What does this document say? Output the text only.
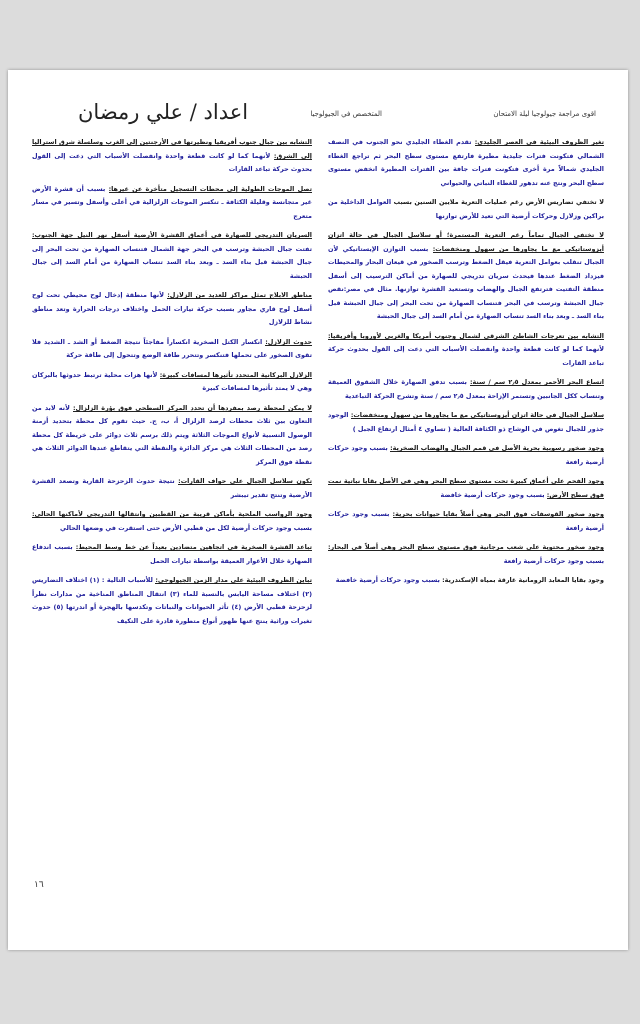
اقوى مراجعة جيولوجيا ليلة الامتحان
المتخصص في الجيولوجيا
اعداد / علي رمضان
تغير الظروف البيئية في العصر الجليدي: تقدم الغطاء الجليدي نحو الجنوب في النصف الشمالي فتكونت فترات جليدية مطيرة فارتفع مستوى سطح البحر ثم تراجع الغطاء الجليدي شمالاً مرة أخرى فتكونت فترات جافة بين الفترات المطيرة انخفض مستوى سطح البحر ونتج عنه تدهور للغطاء النباتي والحيواني
لا تختفي تضاريس الأرض رغم عمليات التعرية ملايين السنين بسبب العوامل الداخلية من براكين وزلازل وحركات أرضية التي تعيد للأرض توازنها
لا تختفي الجبال تماماً رغم التعرية المستمرة؛ أو سلاسل الجبال في حالة اتزان أيزوستاتيكي مع ما يجاورها من سهول ومنخفضات: بسبب التوازن الإيستاتيكي لأن الجبال تنقلب بعوامل التعرية فيقل الضغط وترسب الصخور في قيعان البحار والمحيطات فيزداد الضغط عندها فيحدث سريان تدريجي للصهارة من أماكن الترسيب إلى أسفل منطقة التفتيت فترتفع الجبال والهضاب وتستعيد القشرة توازنها. مثال في مصر:نقص جبال الحبشة وترسب في البحر فتنساب الصهارة من تحت البحر إلى جبال الحبشة قبل بناء السد ـ وبعد بناء السد تنساب الصهارة من أمام السد إلى جبال الحبشة
التشابه بين تعرجات الشاطئ الشرقي لشمال وجنوب أمريكا والغربي لأوروبا وأفريقيا: لأنهما كما لو كانت قطعة واحدة وانفصلت الأسباب التي دعت إلى القول بحدوث حركة تباعد القارات
اتساع البحر الأحمر بمعدل ٢٫٥ سم / سنة: بسبب تدفق الصهارة خلال الشقوق العميقة وتنساب ككل الجانبين وتستمر الإزاحة بمعدل ٢٫٥ سم / سنة وتشرح الحركة التباعدية
سلاسل الجبال في حالة اتزان أيزوستاتيكي مع ما يجاورها من سهول ومنخفضات: الوجود جذور للجبال تغوص في الوشاح ذو الكثافة العالية ( تساوي ٤ أمثال ارتفاع الجبل )
وجود صخور رسوبية بحرية الأصل في قمم الجبال والهضاب الصخرية: بسبب وجود حركات أرضية رافعة
وجود الفحم على أعماق كبيرة تحت مستوى سطح البحر وهي في الأصل بقايا نباتية نمت فوق سطح الأرض: بسبب وجود حركات أرضية خافضة
وجود صخور القوسفات فوق البحر وهي أصلاً بقايا حيوانات بحرية: بسبب وجود حركات أرضية رافعة
وجود صخور محتوية على شعب مرجانية فوق مستوى سطح البحر وهي أصلاً في البحار: بسبب وجود حركات أرضية رافعة
وجود بقايا المعابد الرومانية غارقة بمياه الإسكندرية: بسبب وجود حركات أرضية خافضة
التشابه بين جبال جنوب أفريقيا ونظيرتها في الأرجنتين إلى الغرب وسلسلة شرق استراليا إلى الشرق: لأنهما كما لو كانت قطعة واحدة وانفصلت الأسباب التي دعت إلى القول بحدوث حركة تباعد القارات
تصل الموجات الطولية إلى محطات التسجيل متأخرة عن غيرها: بسبب أن قشرة الأرض غير متجانسة وقليلة الكثافة ـ تنكسر الموجات الزلزالية في أعلى وأسفل وتسير في مسار متعرج
السريان التدريجي للصهارة في أعماق القشرة الأرضية أسفل نهر النيل جهة الجنوب: تفتت جبال الحبشة وترسب في البحر جهة الشمال فتنساب الصهارة من تحت البحر إلى جبال الحبشة قبل بناء السد ـ وبعد بناء السد تنساب الصهارة من أمام السد إلى جبال الحبشة
مناطق الابلاج تمثل مراكز للعديد من الزلازل: لأنها منطقة إدخال لوح محيطي تحت لوح أسفل لوح قاري مجاور بسبب حركة تيارات الحمل واختلاف درجات الحرارة وتعد مناطق نشاط للزلازل
حدوث الزلازل: انكسار الكتل الصخرية انكساراً مفاجئاً نتيجة الضغط أو الشد ـ الشديد فلا تقوى الصخور على تحملها فتنكسر وتتحرر طاقة الوضع وتتحول إلى طاقة حركة
الزلازل البركانية المتحدد تأثيرها لمسافات كبيرة: لأنها هزات محلية ترتبط حدوثها بالبركان وهي لا يمتد تأثيرها لمسافات كبيرة
لا يمكن لمحطة رصد بمفردها أن تحدد المركز السطحي فوق بؤرة الزلزال: لأنه لابد من التعاون بين ثلاث محطات لرصد الزلزال أ، ب، ج. حيث تقوم كل محطة بتحديد أزمنة الوصول النسبية لأنواع الموجات الثلاثة ويتم ذلك برسم ثلاث دوائر على خريطة كل محطة رصد من المحطات الثلاث هي مركز الدائرة والنقطة التي يتقاطع عندها الدوائر الثلاث هي نقطة فوق المركز
تكون سلاسل الجبال على حواف القارات: نتيجة حدوث الزحزحة القارية وتصعد القشرة الأرضية وتنتج تقدير تيبشر
وجود الرواسب الملحية بأماكن قريبة من القطبين وانتقالها التدريجي لأماكنها الحالي: بسبب وجود حركات أرضية لكل من قطبي الأرض حتى استقرت في وضعها الحالي
تباعد القشرة الصخرية في اتجاهين متضادين بعيداً عن خط وسط المحيط: بسبب اندفاع الصهارة خلال الأغوار العميقة بواسطة تيارات الحمل
تباين الظروف البيئية على مدار الزمن الجيولوجي: للأسباب التالية : (١) اختلاف التضاريس (٢) اختلاف مساحة اليابس بالنسبة للماء (٣) انتقال المناطق المناخية من مدارات نظراً لزحزحة قطبي الأرض (٤) تأثر الحيوانات والنباتات وتكدسها بالهجرة أو اندرتها (٥) حدوث تغيرات وراثية ينتج عنها ظهور أنواع متطورة قادرة على التكيف
١٦
